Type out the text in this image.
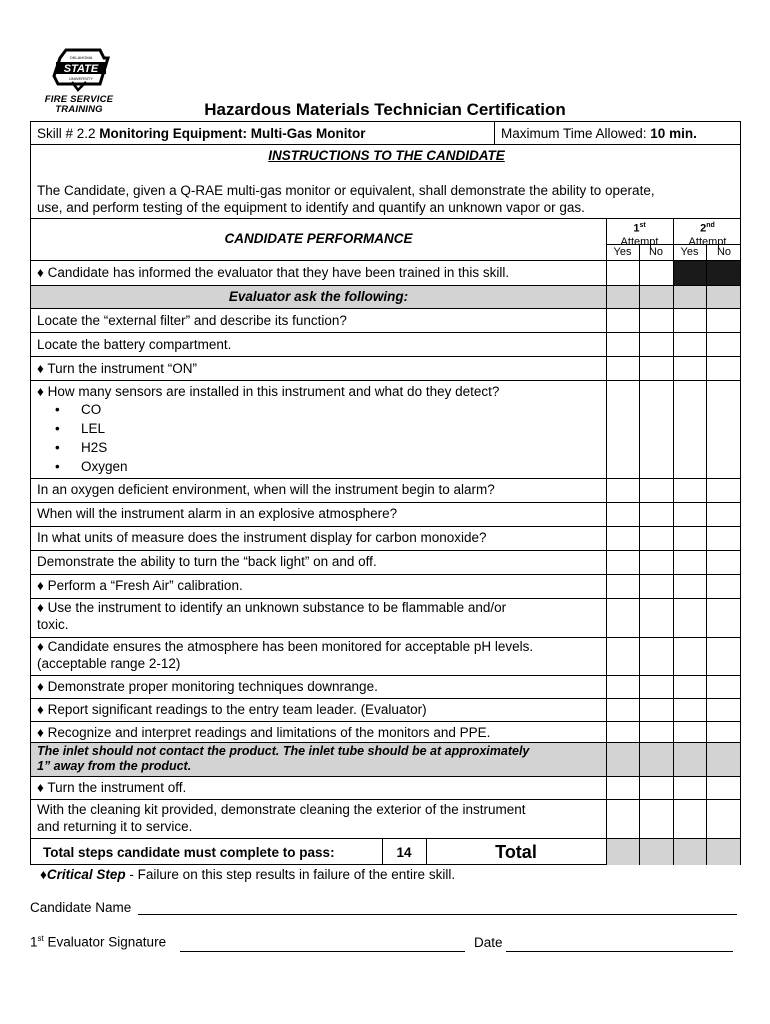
STATE
OKLAHOMA
UNIVERSITY
FIRE SERVICE
TRAINING	Hazardous Materials Technician Certification
Skill # 2.2 Monitoring Equipment: Multi-Gas Monitor	Maximum Time Allowed: 10 min.
INSTRUCTIONS TO THE CANDIDATE
The Candidate, given a Q-RAE multi-gas monitor or equivalent, shall demonstrate the ability to operate,
use, and perform testing of the equipment to identify and quantify an unknown vapor or gas.
CANDIDATE PERFORMANCE
1st
Attempt
2nd
Attempt
Yes	No	Yes	No
♦ Candidate has informed the evaluator that they have been trained in this skill.
Evaluator ask the following:
Locate the “external filter” and describe its function?
Locate the battery compartment.
♦ Turn the instrument “ON”
♦ How many sensors are installed in this instrument and what do they detect?
• CO
• LEL
• H2S
• Oxygen
In an oxygen deficient environment, when will the instrument begin to alarm?
When will the instrument alarm in an explosive atmosphere?
In what units of measure does the instrument display for carbon monoxide?
Demonstrate the ability to turn the “back light” on and off.
♦ Perform a “Fresh Air” calibration.
♦ Use the instrument to identify an unknown substance to be flammable and/or
toxic.
♦ Candidate ensures the atmosphere has been monitored for acceptable pH levels.
(acceptable range 2-12)
♦ Demonstrate proper monitoring techniques downrange.
♦ Report significant readings to the entry team leader. (Evaluator)
♦ Recognize and interpret readings and limitations of the monitors and PPE.
The inlet should not contact the product. The inlet tube should be at approximately
1” away from the product.
♦ Turn the instrument off.
With the cleaning kit provided, demonstrate cleaning the exterior of the instrument
and returning it to service.
Total steps candidate must complete to pass:	14	Total
♦Critical Step - Failure on this step results in failure of the entire skill.
Candidate Name
1st Evaluator Signature	Date
